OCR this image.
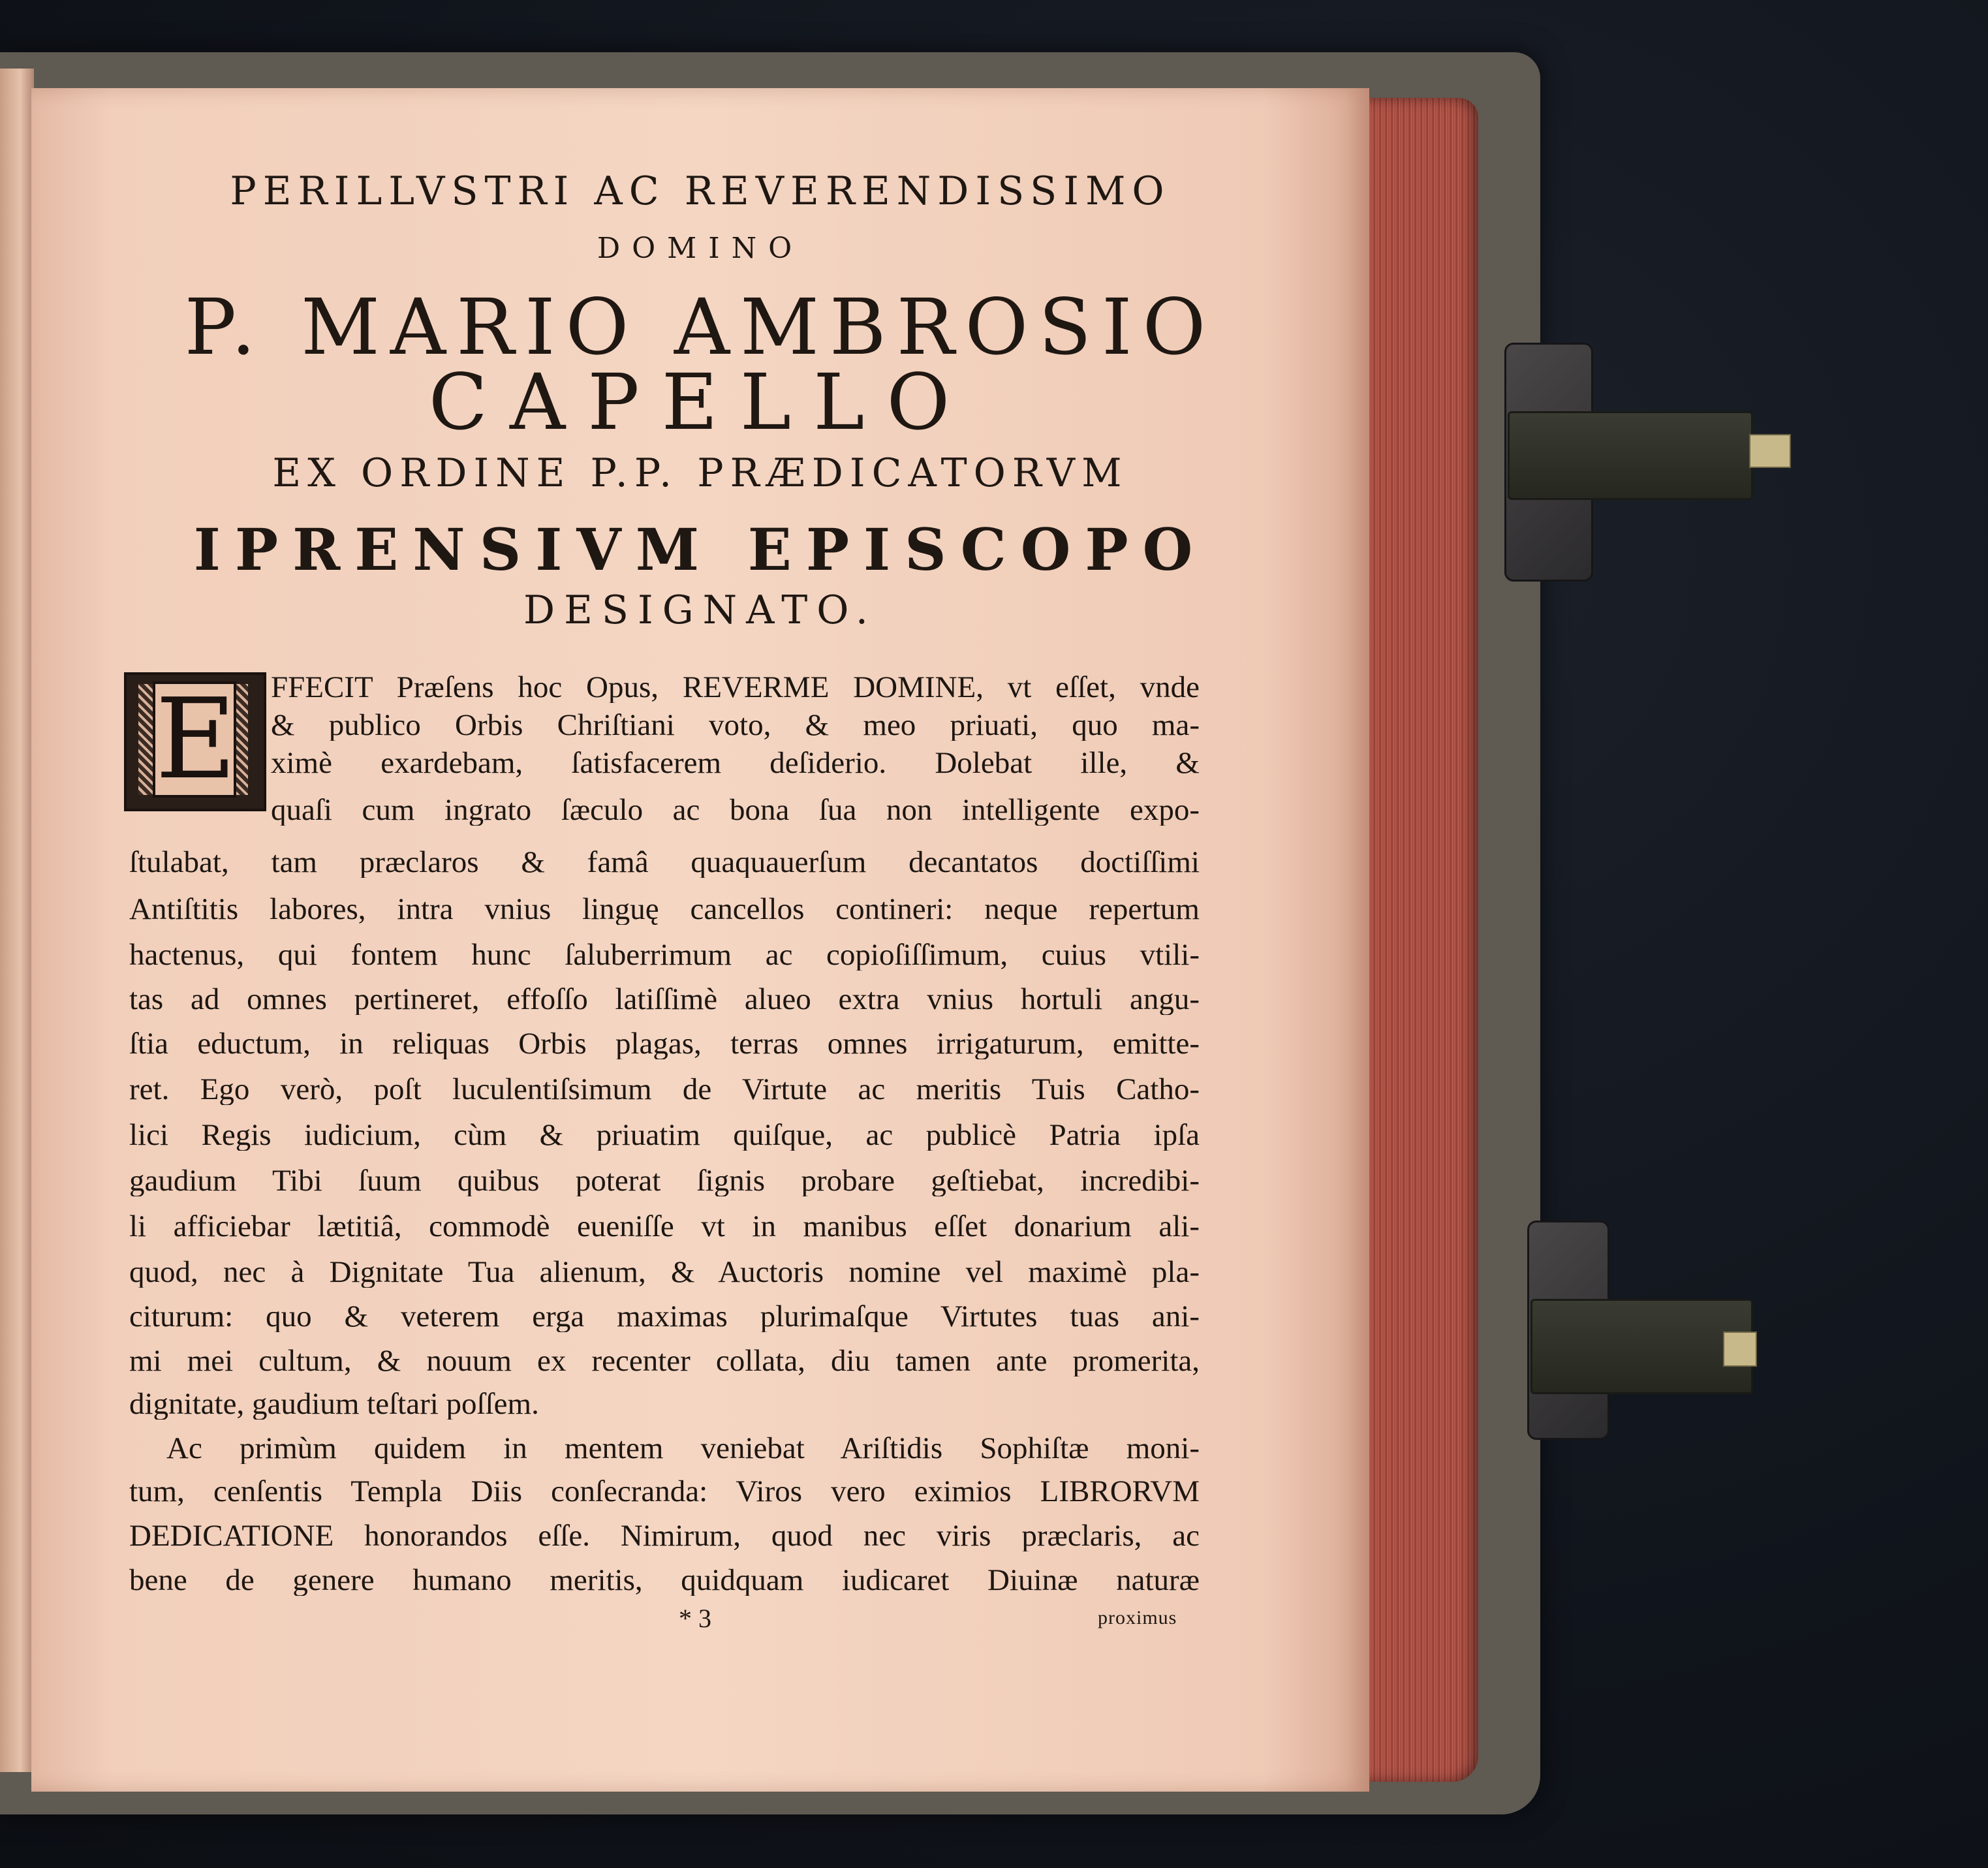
PERILLVSTRI AC REVERENDISSIMO
DOMINO
P. MARIO AMBROSIO
CAPELLO
EX ORDINE P.P. PRÆDICATORVM
IPRENSIVM EPISCOPO
DESIGNATO.
E FFECIT Præſens hoc Opus, REVERME DOMINE, vt eſſet, vnde
& publico Orbis Chriſtiani voto, & meo priuati, quo ma-
ximè exardebam, ſatisfacerem deſiderio. Dolebat ille, &
quaſi cum ingrato ſæculo ac bona ſua non intelligente expo-
ſtulabat, tam præclaros & famâ quaquauerſum decantatos doctiſſimi
Antiſtitis labores, intra vnius linguę cancellos contineri: neque repertum
hactenus, qui fontem hunc ſaluberrimum ac copioſiſſimum, cuius vtili-
tas ad omnes pertineret, effoſſo latiſſimè alueo extra vnius hortuli angu-
ſtia eductum, in reliquas Orbis plagas, terras omnes irrigaturum, emitte-
ret. Ego verò, poſt luculentiſsimum de Virtute ac meritis Tuis Catho-
lici Regis iudicium, cùm & priuatim quiſque, ac publicè Patria ipſa
gaudium Tibi ſuum quibus poterat ſignis probare geſtiebat, incredibi-
li afficiebar lætitiâ, commodè eueniſſe vt in manibus eſſet donarium ali-
quod, nec à Dignitate Tua alienum, & Auctoris nomine vel maximè pla-
citurum: quo & veterem erga maximas plurimaſque Virtutes tuas ani-
mi mei cultum, & nouum ex recenter collata, diu tamen ante promerita,
dignitate, gaudium teſtari poſſem.
Ac primùm quidem in mentem veniebat Ariſtidis Sophiſtæ moni-
tum, cenſentis Templa Diis conſecranda: Viros vero eximios LIBRORVM
DEDICATIONE honorandos eſſe. Nimirum, quod nec viris præclaris, ac
bene de genere humano meritis, quidquam iudicaret Diuinæ naturæ
* 3	proximus
